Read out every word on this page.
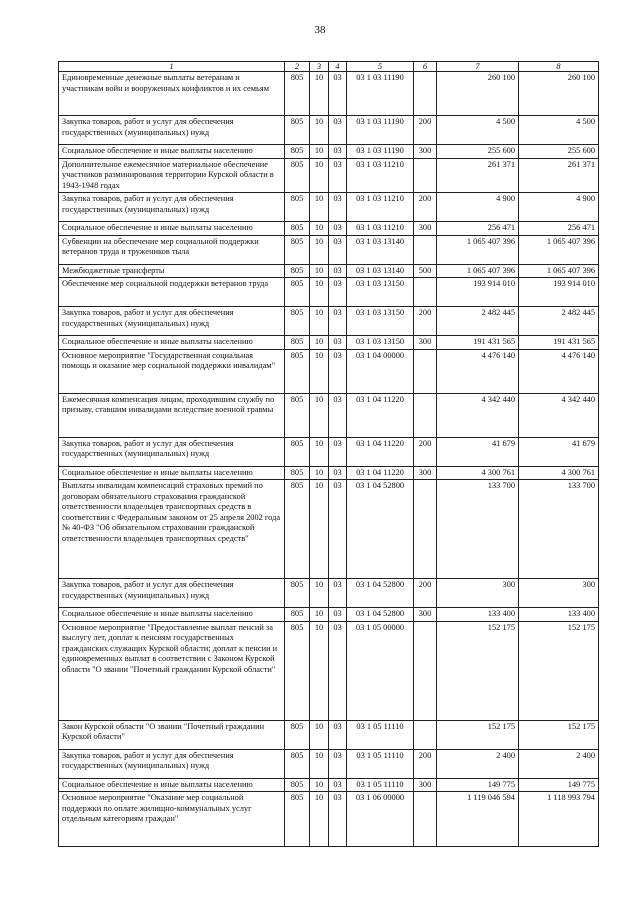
38
1	2	3	4	5	6	7	8
Единовременные денежные выплаты ветеранам и участникам войн и вооруженных конфликтов и их семьям	805	10	03	03 1 03 11190		260 100	260 100
Закупка товаров, работ и услуг для обеспечения государственных (муниципальных) нужд	805	10	03	03 1 03 11190	200	4 500	4 500
Социальное обеспечение и иные выплаты населению	805	10	03	03 1 03 11190	300	255 600	255 600
Дополнительное ежемесячное материальное обеспечение участников разминирования территории Курской области в 1943-1948 годах	805	10	03	03 1 03 11210		261 371	261 371
Закупка товаров, работ и услуг для обеспечения государственных (муниципальных) нужд	805	10	03	03 1 03 11210	200	4 900	4 900
Социальное обеспечение и иные выплаты населению	805	10	03	03 1 03 11210	300	256 471	256 471
Субвенции на обеспечение мер социальной поддержки ветеранов труда и тружеников тыла	805	10	03	03 1 03 13140		1 065 407 396	1 065 407 396
Межбюджетные трансферты	805	10	03	03 1 03 13140	500	1 065 407 396	1 065 407 396
Обеспечение мер социальной поддержки ветеранов труда	805	10	03	03 1 03 13150		193 914 010	193 914 010
Закупка товаров, работ и услуг для обеспечения государственных (муниципальных) нужд	805	10	03	03 1 03 13150	200	2 482 445	2 482 445
Социальное обеспечение и иные выплаты населению	805	10	03	03 1 03 13150	300	191 431 565	191 431 565
Основное мероприятие "Государственная социальная помощь и оказание мер социальной поддержки инвалидам"	805	10	03	03 1 04 00000		4 476 140	4 476 140
Ежемесячная компенсация лицам, проходившим службу по призыву, ставшим инвалидами вследствие военной травмы	805	10	03	03 1 04 11220		4 342 440	4 342 440
Закупка товаров, работ и услуг для обеспечения государственных (муниципальных) нужд	805	10	03	03 1 04 11220	200	41 679	41 679
Социальное обеспечение и иные выплаты населению	805	10	03	03 1 04 11220	300	4 300 761	4 300 761
Выплаты инвалидам компенсаций страховых премий по договорам обязательного страхования гражданской ответственности владельцев транспортных средств в соответствии с Федеральным законом от 25 апреля 2002 года № 40-ФЗ "Об обязательном страховании гражданской ответственности владельцев транспортных средств"	805	10	03	03 1 04 52800		133 700	133 700
Закупка товаров, работ и услуг для обеспечения государственных (муниципальных) нужд	805	10	03	03 1 04 52800	200	300	300
Социальное обеспечение и иные выплаты населению	805	10	03	03 1 04 52800	300	133 400	133 400
Основное мероприятие "Предоставление выплат пенсий за выслугу лет, доплат к пенсиям государственных гражданских служащих Курской области; доплат к пенсии и единовременных выплат в соответствии с Законом Курской области "О звании "Почетный гражданин Курской области"	805	10	03	03 1 05 00000		152 175	152 175
Закон Курской области "О звании "Почетный гражданин Курской области"	805	10	03	03 1 05 11110		152 175	152 175
Закупка товаров, работ и услуг для обеспечения государственных (муниципальных) нужд	805	10	03	03 1 05 11110	200	2 400	2 400
Социальное обеспечение и иные выплаты населению	805	10	03	03 1 05 11110	300	149 775	149 775
Основное мероприятие "Оказание мер социальной поддержки по оплате жилищно-коммунальных услуг отдельным категориям граждан"	805	10	03	03 1 06 00000		1 119 046 594	1 118 993 794
